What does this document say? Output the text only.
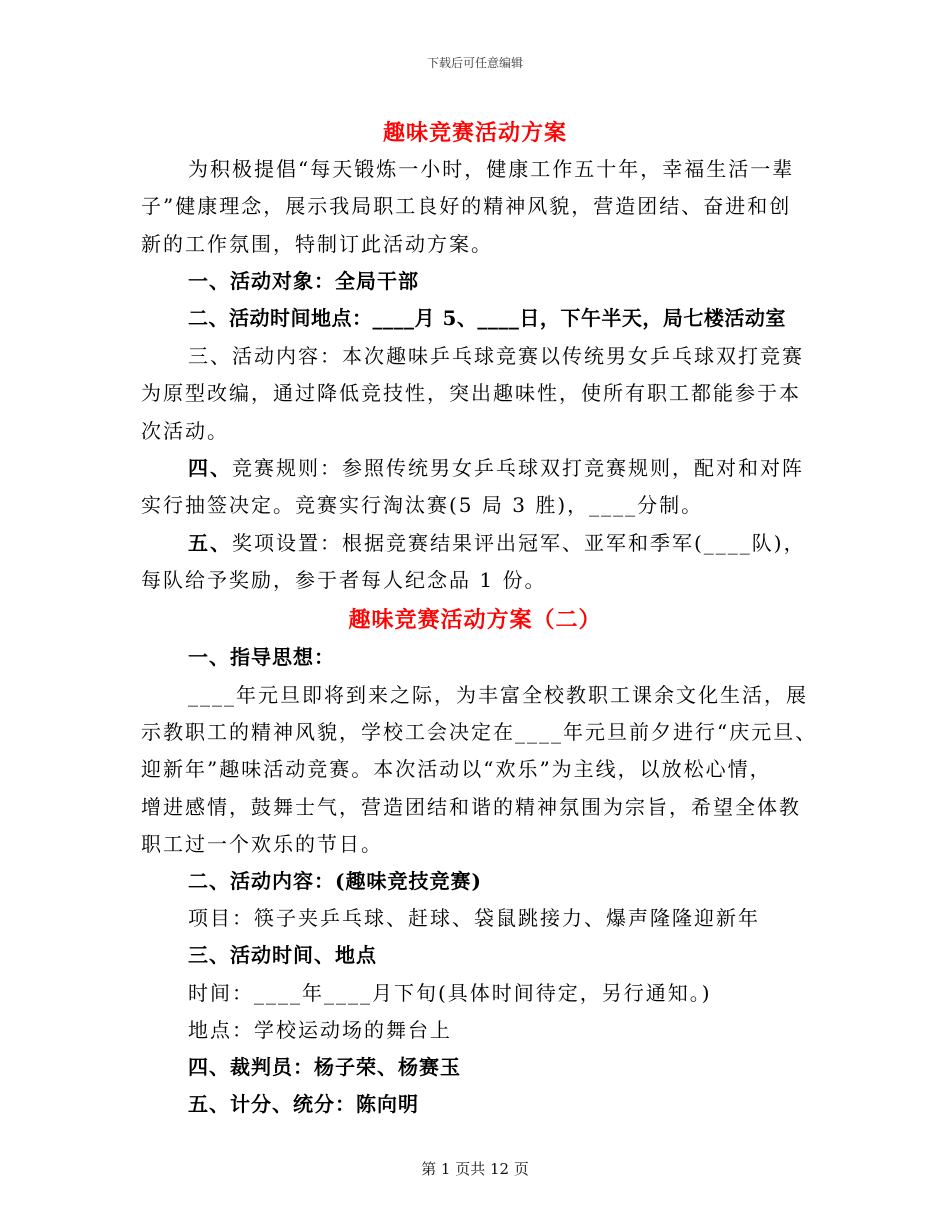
下载后可任意编辑
趣味竞赛活动方案
为积极提倡“每天锻炼一小时，健康工作五十年，幸福生活一辈
子”健康理念，展示我局职工良好的精神风貌，营造团结、奋进和创
新的工作氛围，特制订此活动方案。
一、活动对象：全局干部
二、活动时间地点：____月 5、____日，下午半天，局七楼活动室
三、活动内容：本次趣味乒乓球竞赛以传统男女乒乓球双打竞赛
为原型改编，通过降低竞技性，突出趣味性，使所有职工都能参于本
次活动。
四、竞赛规则：参照传统男女乒乓球双打竞赛规则，配对和对阵
实行抽签决定。竞赛实行淘汰赛(5 局 3 胜)，____分制。
五、奖项设置：根据竞赛结果评出冠军、亚军和季军(____队)，
每队给予奖励，参于者每人纪念品 1 份。
趣味竞赛活动方案（二）
一、指导思想：
____年元旦即将到来之际，为丰富全校教职工课余文化生活，展
示教职工的精神风貌，学校工会决定在____年元旦前夕进行“庆元旦、
迎新年”趣味活动竞赛。本次活动以“欢乐”为主线，以放松心情，
增进感情，鼓舞士气，营造团结和谐的精神氛围为宗旨，希望全体教
职工过一个欢乐的节日。
二、活动内容：(趣味竞技竞赛)
项目：筷子夹乒乓球、赶球、袋鼠跳接力、爆声隆隆迎新年
三、活动时间、地点
时间：____年____月下旬(具体时间待定，另行通知。)
地点：学校运动场的舞台上
四、裁判员：杨子荣、杨赛玉
五、计分、统分：陈向明
第 1 页共 12 页
